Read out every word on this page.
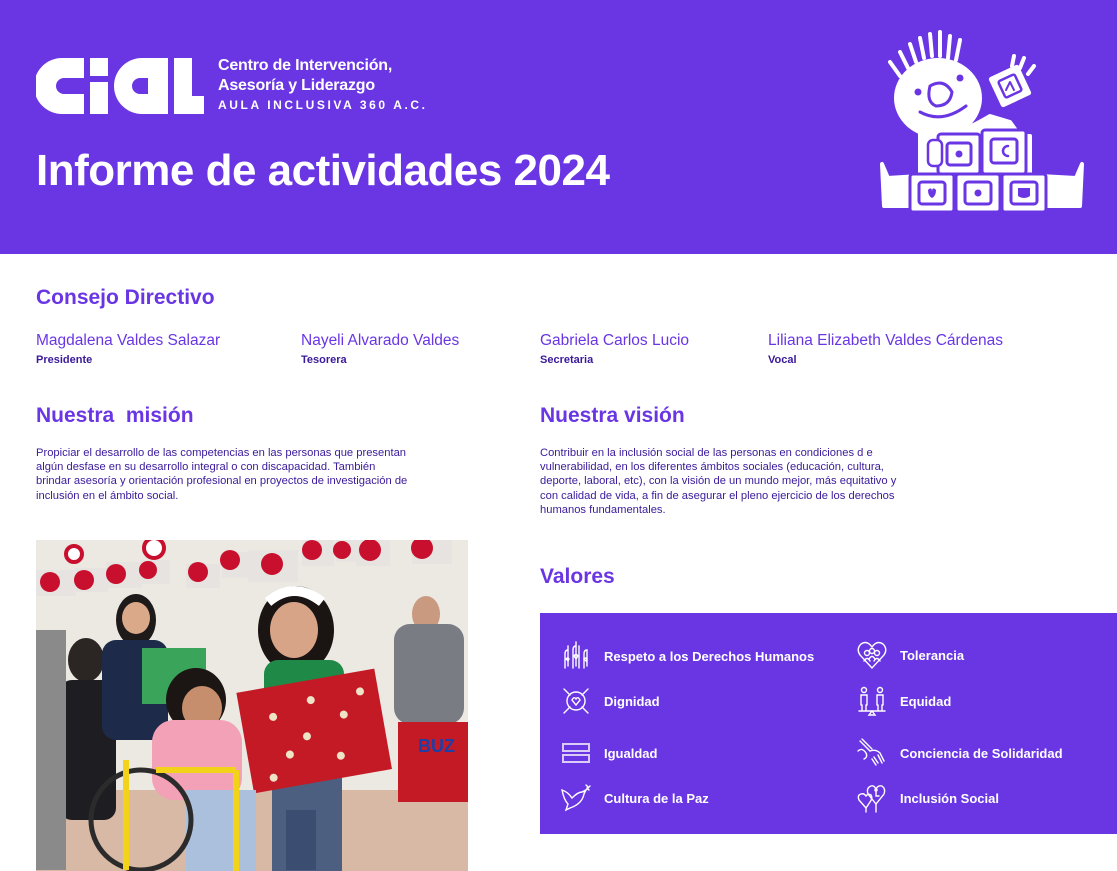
Centro de Intervención,
Asesoría y Liderazgo
AULA INCLUSIVA 360 A.C.
Informe de actividades 2024
Consejo Directivo
Magdalena Valdes Salazar
Presidente
Nayeli Alvarado Valdes
Tesorera
Gabriela Carlos Lucio
Secretaria
Liliana Elizabeth Valdes Cárdenas
Vocal
Nuestra  misión
Propiciar el desarrollo de las competencias en las personas que presentan
algún desfase en su desarrollo integral o con discapacidad. También
brindar asesoría y orientación profesional en proyectos de investigación de
inclusión en el ámbito social.
Nuestra visión
Contribuir en la inclusión social de las personas en condiciones d e
vulnerabilidad, en los diferentes ámbitos sociales (educación, cultura,
deporte, laboral, etc), con la visión de un mundo mejor, más equitativo y
con calidad de vida, a fin de asegurar el pleno ejercicio de los derechos
humanos fundamentales.
BUZ
Valores
Respeto a los Derechos Humanos
Dignidad
Igualdad
Cultura de la Paz
Tolerancia
Equidad
Conciencia de Solidaridad
Inclusión Social
